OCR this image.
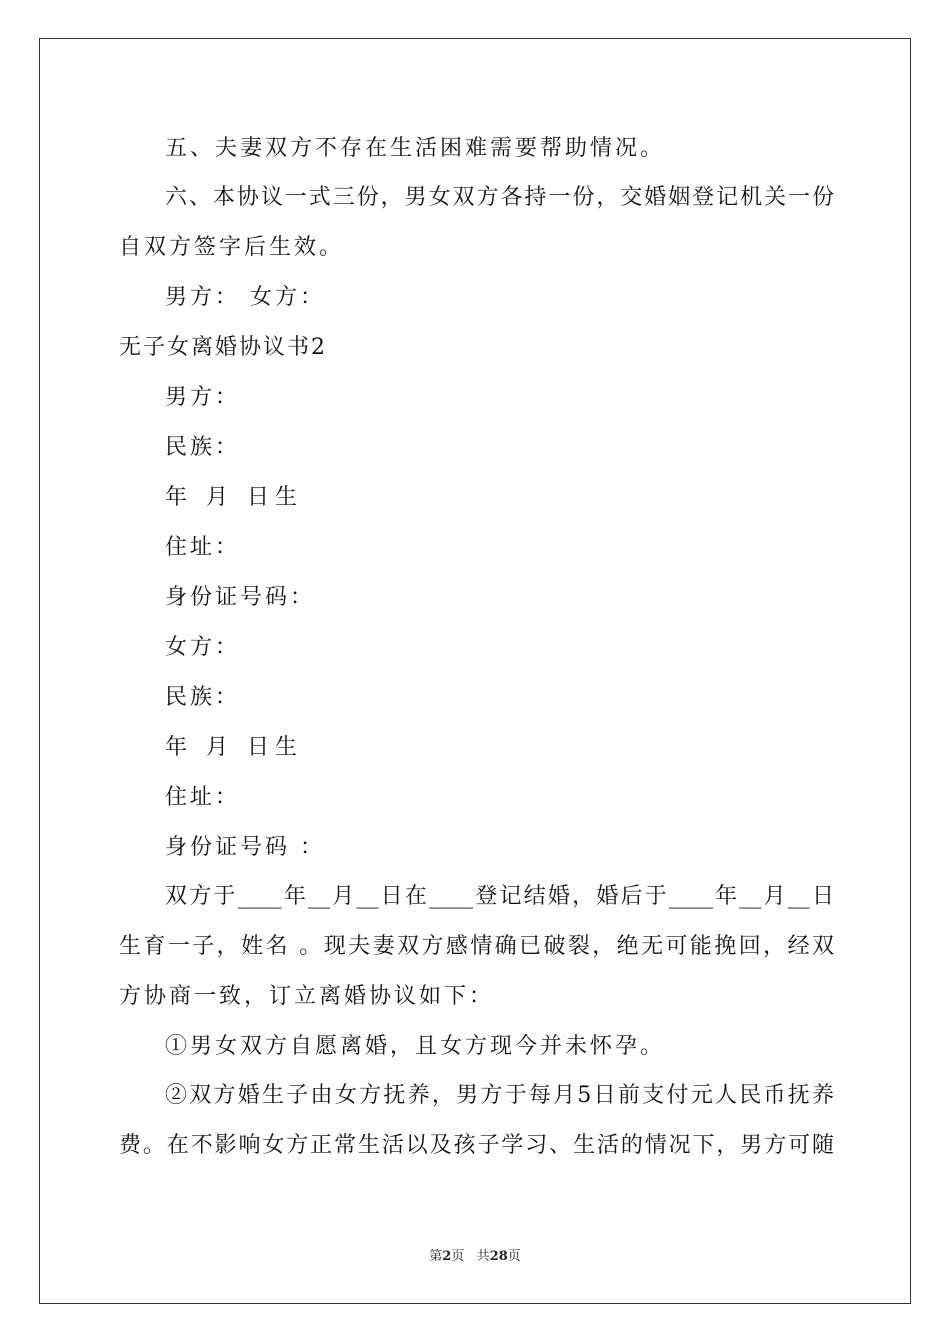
五、夫妻双方不存在生活困难需要帮助情况。
六、本协议一式三份，男女双方各持一份，交婚姻登记机关一份
自双方签字后生效。
男方： 女方：
无子女离婚协议书2
男方：
民族：
年 月 日生
住址：
身份证号码：
女方：
民族：
年 月 日生
住址：
身份证号码 ：
双方于____年__月__日在____登记结婚，婚后于____年__月__日
生育一子，姓名 。现夫妻双方感情确已破裂，绝无可能挽回，经双
方协商一致，订立离婚协议如下：
①男女双方自愿离婚，且女方现今并未怀孕。
②双方婚生子由女方抚养，男方于每月5日前支付元人民币抚养
费。在不影响女方正常生活以及孩子学习、生活的情况下，男方可随
第2页 共28页
